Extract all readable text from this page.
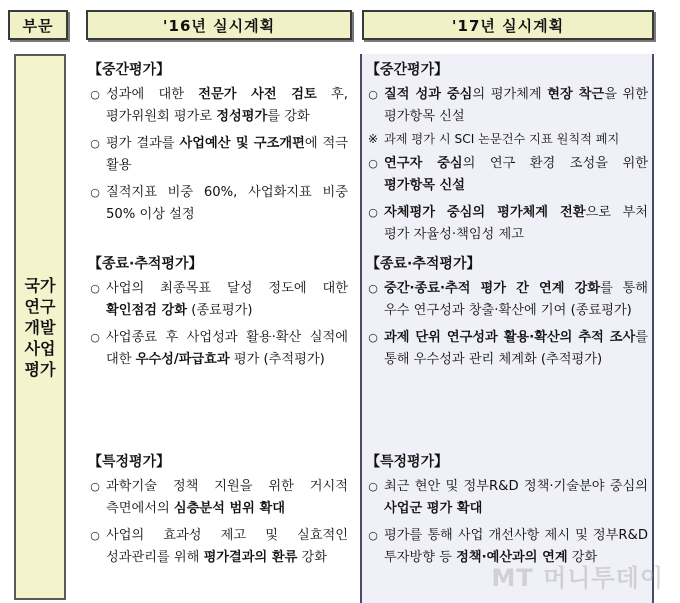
부문	'16년 실시계획	'17년 실시계획
국가 연구 개발 사업 평가
【중간평가】
○ 성과에 대한 전문가 사전 검토 후, 평가위원회 평가로 정성평가를 강화
○ 평가 결과를 사업예산 및 구조개편에 적극 활용
○ 질적지표 비중 60%, 사업화지표 비중 50% 이상 설정
【종료·추적평가】
○ 사업의 최종목표 달성 정도에 대한 확인점검 강화 (종료평가)
○ 사업종료 후 사업성과 활용·확산 실적에 대한 우수성/파급효과 평가 (추적평가)
【특정평가】
○ 과학기술 정책 지원을 위한 거시적 측면에서의 심층분석 범위 확대
○ 사업의 효과성 제고 및 실효적인 성과관리를 위해 평가결과의 환류 강화
【중간평가】
○ 질적 성과 중심의 평가체계 현장 착근을 위한 평가항목 신설
※ 과제 평가 시 SCI 논문건수 지표 원칙적 폐지
○ 연구자 중심의 연구 환경 조성을 위한 평가항목 신설
○ 자체평가 중심의 평가체계 전환으로 부처 평가 자율성·책임성 제고
【종료·추적평가】
○ 중간·종료·추적 평가 간 연계 강화를 통해 우수 연구성과 창출·확산에 기여 (종료평가)
○ 과제 단위 연구성과 활용·확산의 추적 조사를 통해 우수성과 관리 체계화 (추적평가)
【특정평가】
○ 최근 현안 및 정부R&D 정책·기술분야 중심의 사업군 평가 확대
○ 평가를 통해 사업 개선사항 제시 및 정부R&D 투자방향 등 정책·예산과의 연계 강화
MT 머니투데이
